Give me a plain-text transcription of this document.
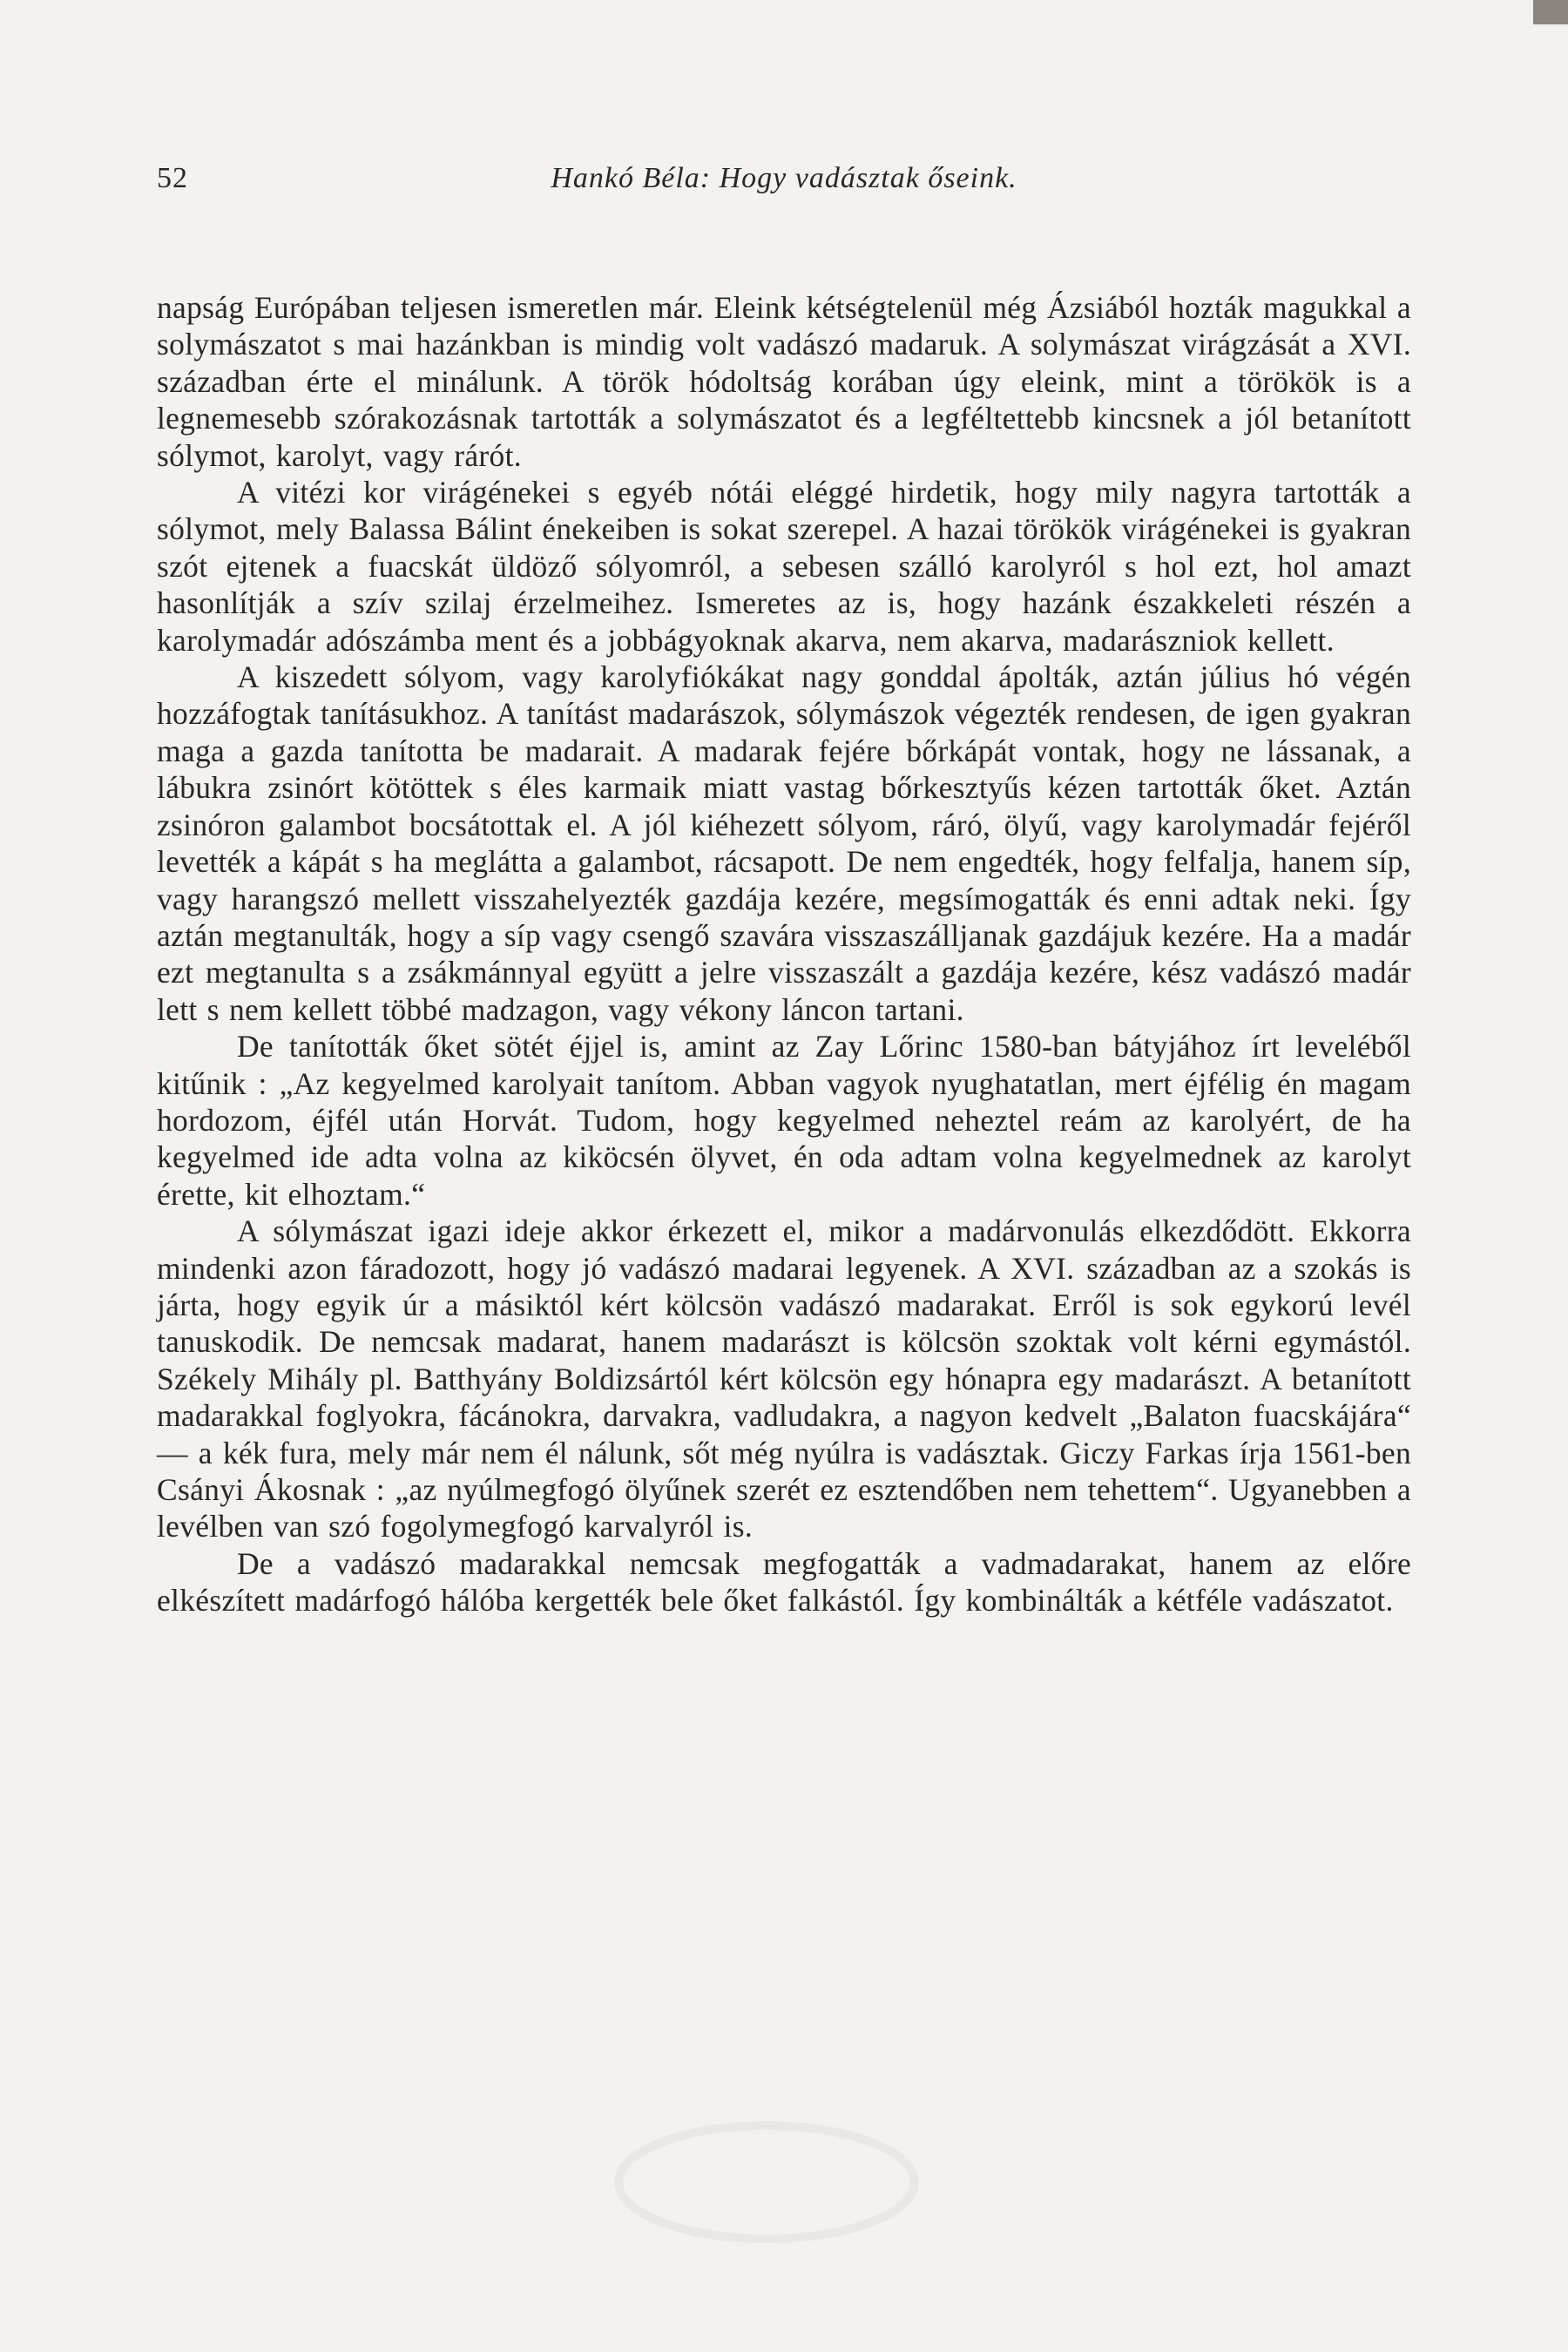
52	Hankó Béla: Hogy vadásztak őseink.

napság Európában teljesen ismeretlen már. Eleink kétségtelenül még Ázsiából hozták magukkal a solymászatot s mai hazánkban is mindig volt vadászó madaruk. A solymászat virágzását a XVI. században érte el minálunk. A török hódoltság korában úgy eleink, mint a törökök is a legnemesebb szórakozásnak tartották a solymászatot és a legféltettebb kincsnek a jól betanított sólymot, karolyt, vagy rárót.

A vitézi kor virágénekei s egyéb nótái eléggé hirdetik, hogy mily nagyra tartották a sólymot, mely Balassa Bálint énekeiben is sokat szerepel. A hazai törökök virágénekei is gyakran szót ejtenek a fuacskát üldöző sólyomról, a sebesen szálló karolyról s hol ezt, hol amazt hasonlítják a szív szilaj érzelmeihez. Ismeretes az is, hogy hazánk északkeleti részén a karolymadár adószámba ment és a jobbágyoknak akarva, nem akarva, madarászniok kellett.

A kiszedett sólyom, vagy karolyfiókákat nagy gonddal ápolták, aztán július hó végén hozzáfogtak tanításukhoz. A tanítást madarászok, sólymászok végezték rendesen, de igen gyakran maga a gazda tanította be madarait. A madarak fejére bőrkápát vontak, hogy ne lássanak, a lábukra zsinórt kötöttek s éles karmaik miatt vastag bőrkesztyűs kézen tartották őket. Aztán zsinóron galambot bocsátottak el. A jól kiéhezett sólyom, ráró, ölyű, vagy karolymadár fejéről levették a kápát s ha meglátta a galambot, rácsapott. De nem engedték, hogy felfalja, hanem síp, vagy harangszó mellett visszahelyezték gazdája kezére, megsímogatták és enni adtak neki. Így aztán megtanulták, hogy a síp vagy csengő szavára visszaszálljanak gazdájuk kezére. Ha a madár ezt megtanulta s a zsákmánnyal együtt a jelre visszaszált a gazdája kezére, kész vadászó madár lett s nem kellett többé madzagon, vagy vékony láncon tartani.

De tanították őket sötét éjjel is, amint az Zay Lőrinc 1580-ban bátyjához írt leveléből kitűnik : „Az kegyelmed karolyait tanítom. Abban vagyok nyughatatlan, mert éjfélig én magam hordozom, éjfél után Horvát. Tudom, hogy kegyelmed neheztel reám az karolyért, de ha kegyelmed ide adta volna az kiköcsén ölyvet, én oda adtam volna kegyelmednek az karolyt érette, kit elhoztam.“

A sólymászat igazi ideje akkor érkezett el, mikor a madárvonulás elkezdődött. Ekkorra mindenki azon fáradozott, hogy jó vadászó madarai legyenek. A XVI. században az a szokás is járta, hogy egyik úr a másiktól kért kölcsön vadászó madarakat. Erről is sok egykorú levél tanuskodik. De nemcsak madarat, hanem madarászt is kölcsön szoktak volt kérni egymástól. Székely Mihály pl. Batthyány Boldizsártól kért kölcsön egy hónapra egy madarászt. A betanított madarakkal foglyokra, fácánokra, darvakra, vadludakra, a nagyon kedvelt „Balaton fuacskájára“ — a kék fura, mely már nem él nálunk, sőt még nyúlra is vadásztak. Giczy Farkas írja 1561-ben Csányi Ákosnak : „az nyúlmegfogó ölyűnek szerét ez esztendőben nem tehettem“. Ugyanebben a levélben van szó fogolymegfogó karvalyról is.

De a vadászó madarakkal nemcsak megfogatták a vadmadarakat, hanem az előre elkészített madárfogó hálóba kergették bele őket falkástól. Így kombinálták a kétféle vadászatot.
